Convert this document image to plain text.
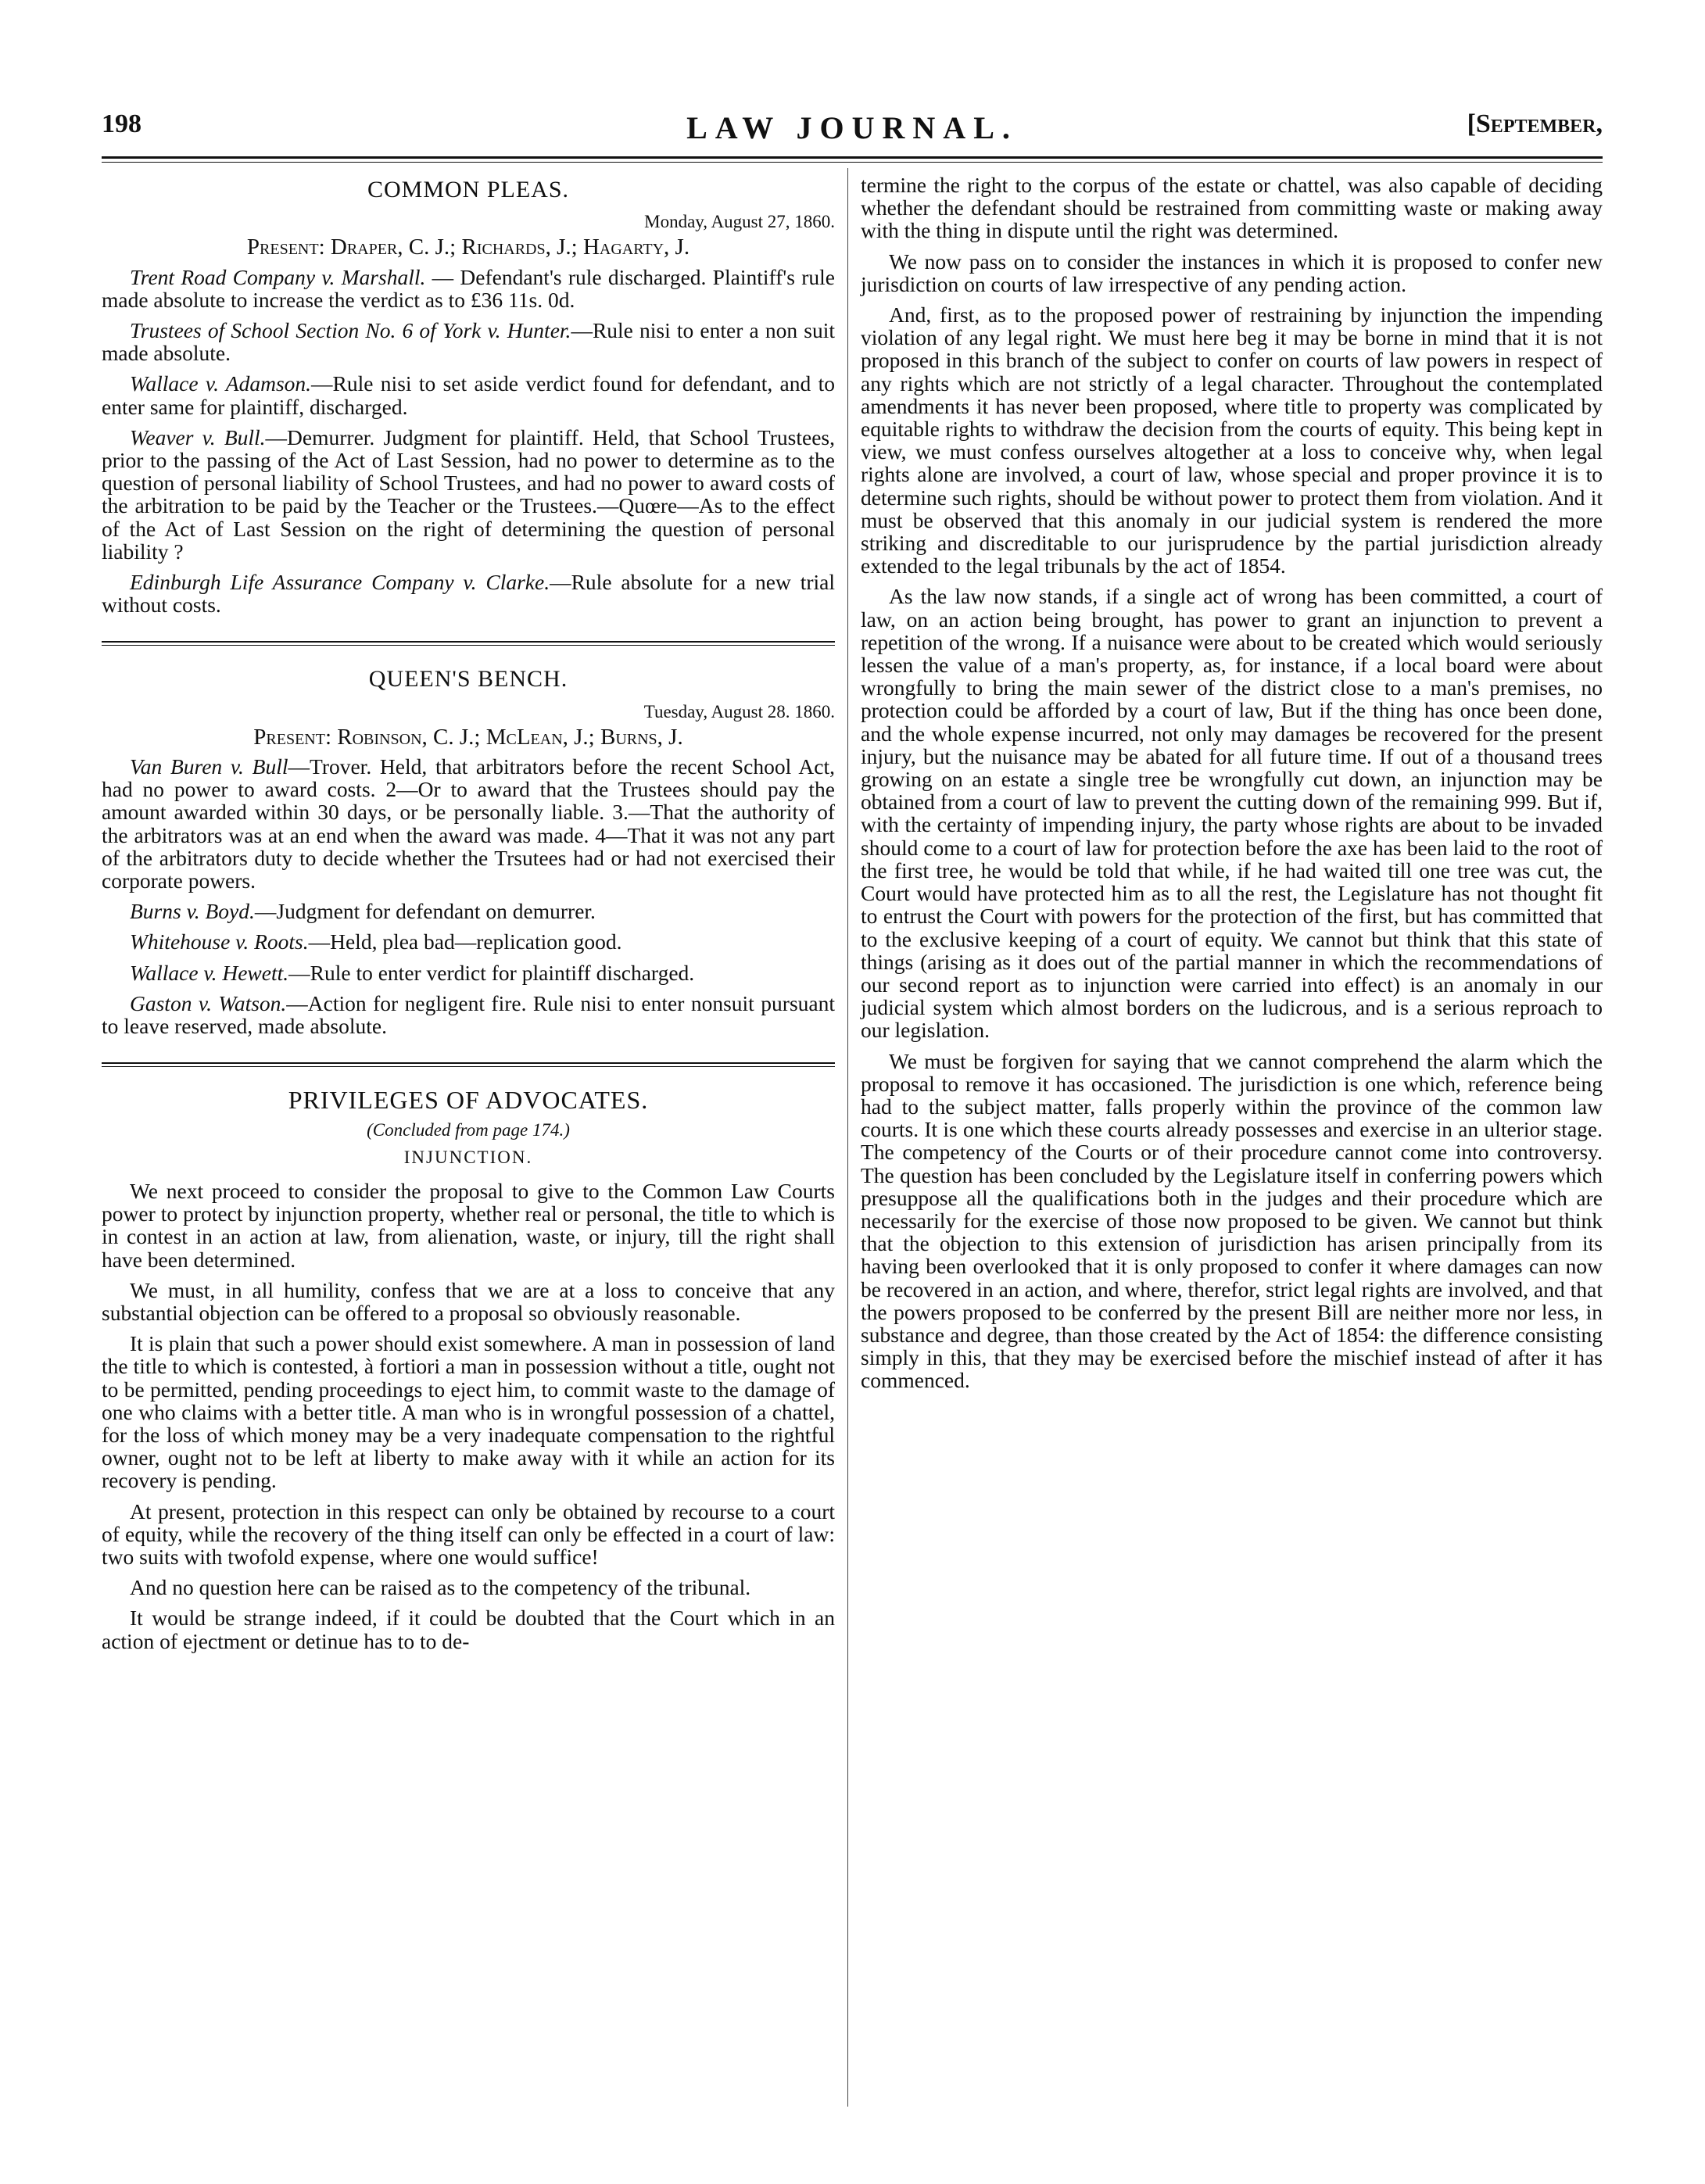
198	LAW JOURNAL.	[September,
COMMON PLEAS.
Monday, August 27, 1860.
Present: Draper, C. J.; Richards, J.; Hagarty, J.

Trent Road Company v. Marshall. — Defendant's rule discharged. Plaintiff's rule made absolute to increase the verdict as to £36 11s. 0d.

Trustees of School Section No. 6 of York v. Hunter.—Rule nisi to enter a non suit made absolute.

Wallace v. Adamson.—Rule nisi to set aside verdict found for defendant, and to enter same for plaintiff, discharged.

Weaver v. Bull.—Demurrer. Judgment for plaintiff. Held, that School Trustees, prior to the passing of the Act of Last Session, had no power to determine as to the question of personal liability of School Trustees, and had no power to award costs of the arbitration to be paid by the Teacher or the Trustees.—Quœre—As to the effect of the Act of Last Session on the right of determining the question of personal liability ?

Edinburgh Life Assurance Company v. Clarke.—Rule absolute for a new trial without costs.

QUEEN'S BENCH.
Tuesday, August 28. 1860.
Present: Robinson, C. J.; McLean, J.; Burns, J.

Van Buren v. Bull—Trover. Held, that arbitrators before the recent School Act, had no power to award costs. 2—Or to award that the Trustees should pay the amount awarded within 30 days, or be personally liable. 3.—That the authority of the arbitrators was at an end when the award was made. 4—That it was not any part of the arbitrators duty to decide whether the Trsutees had or had not exercised their corporate powers.

Burns v. Boyd.—Judgment for defendant on demurrer.

Whitehouse v. Roots.—Held, plea bad—replication good.

Wallace v. Hewett.—Rule to enter verdict for plaintiff discharged.

Gaston v. Watson.—Action for negligent fire. Rule nisi to enter nonsuit pursuant to leave reserved, made absolute.

PRIVILEGES OF ADVOCATES.
(Concluded from page 174.)
INJUNCTION.

We next proceed to consider the proposal to give to the Common Law Courts power to protect by injunction property, whether real or personal, the title to which is in contest in an action at law, from alienation, waste, or injury, till the right shall have been determined.

We must, in all humility, confess that we are at a loss to conceive that any substantial objection can be offered to a proposal so obviously reasonable.

It is plain that such a power should exist somewhere. A man in possession of land the title to which is contested, à fortiori a man in possession without a title, ought not to be permitted, pending proceedings to eject him, to commit waste to the damage of one who claims with a better title. A man who is in wrongful possession of a chattel, for the loss of which money may be a very inadequate compensation to the rightful owner, ought not to be left at liberty to make away with it while an action for its recovery is pending.

At present, protection in this respect can only be obtained by recourse to a court of equity, while the recovery of the thing itself can only be effected in a court of law: two suits with twofold expense, where one would suffice!

And no question here can be raised as to the competency of the tribunal.

It would be strange indeed, if it could be doubted that the Court which in an action of ejectment or detinue has to to de-

termine the right to the corpus of the estate or chattel, was also capable of deciding whether the defendant should be restrained from committing waste or making away with the thing in dispute until the right was determined.

We now pass on to consider the instances in which it is proposed to confer new jurisdiction on courts of law irrespective of any pending action.

And, first, as to the proposed power of restraining by injunction the impending violation of any legal right. We must here beg it may be borne in mind that it is not proposed in this branch of the subject to confer on courts of law powers in respect of any rights which are not strictly of a legal character. Throughout the contemplated amendments it has never been proposed, where title to property was complicated by equitable rights to withdraw the decision from the courts of equity. This being kept in view, we must confess ourselves altogether at a loss to conceive why, when legal rights alone are involved, a court of law, whose special and proper province it is to determine such rights, should be without power to protect them from violation. And it must be observed that this anomaly in our judicial system is rendered the more striking and discreditable to our jurisprudence by the partial jurisdiction already extended to the legal tribunals by the act of 1854.

As the law now stands, if a single act of wrong has been committed, a court of law, on an action being brought, has power to grant an injunction to prevent a repetition of the wrong. If a nuisance were about to be created which would seriously lessen the value of a man's property, as, for instance, if a local board were about wrongfully to bring the main sewer of the district close to a man's premises, no protection could be afforded by a court of law, But if the thing has once been done, and the whole expense incurred, not only may damages be recovered for the present injury, but the nuisance may be abated for all future time. If out of a thousand trees growing on an estate a single tree be wrongfully cut down, an injunction may be obtained from a court of law to prevent the cutting down of the remaining 999. But if, with the certainty of impending injury, the party whose rights are about to be invaded should come to a court of law for protection before the axe has been laid to the root of the first tree, he would be told that while, if he had waited till one tree was cut, the Court would have protected him as to all the rest, the Legislature has not thought fit to entrust the Court with powers for the protection of the first, but has committed that to the exclusive keeping of a court of equity. We cannot but think that this state of things (arising as it does out of the partial manner in which the recommendations of our second report as to injunction were carried into effect) is an anomaly in our judicial system which almost borders on the ludicrous, and is a serious reproach to our legislation.

We must be forgiven for saying that we cannot comprehend the alarm which the proposal to remove it has occasioned. The jurisdiction is one which, reference being had to the subject matter, falls properly within the province of the common law courts. It is one which these courts already possesses and exercise in an ulterior stage. The competency of the Courts or of their procedure cannot come into controversy. The question has been concluded by the Legislature itself in conferring powers which presuppose all the qualifications both in the judges and their procedure which are necessarily for the exercise of those now proposed to be given. We cannot but think that the objection to this extension of jurisdiction has arisen principally from its having been overlooked that it is only proposed to confer it where damages can now be recovered in an action, and where, therefor, strict legal rights are involved, and that the powers proposed to be conferred by the present Bill are neither more nor less, in substance and degree, than those created by the Act of 1854: the difference consisting simply in this, that they may be exercised before the mischief instead of after it has commenced.
